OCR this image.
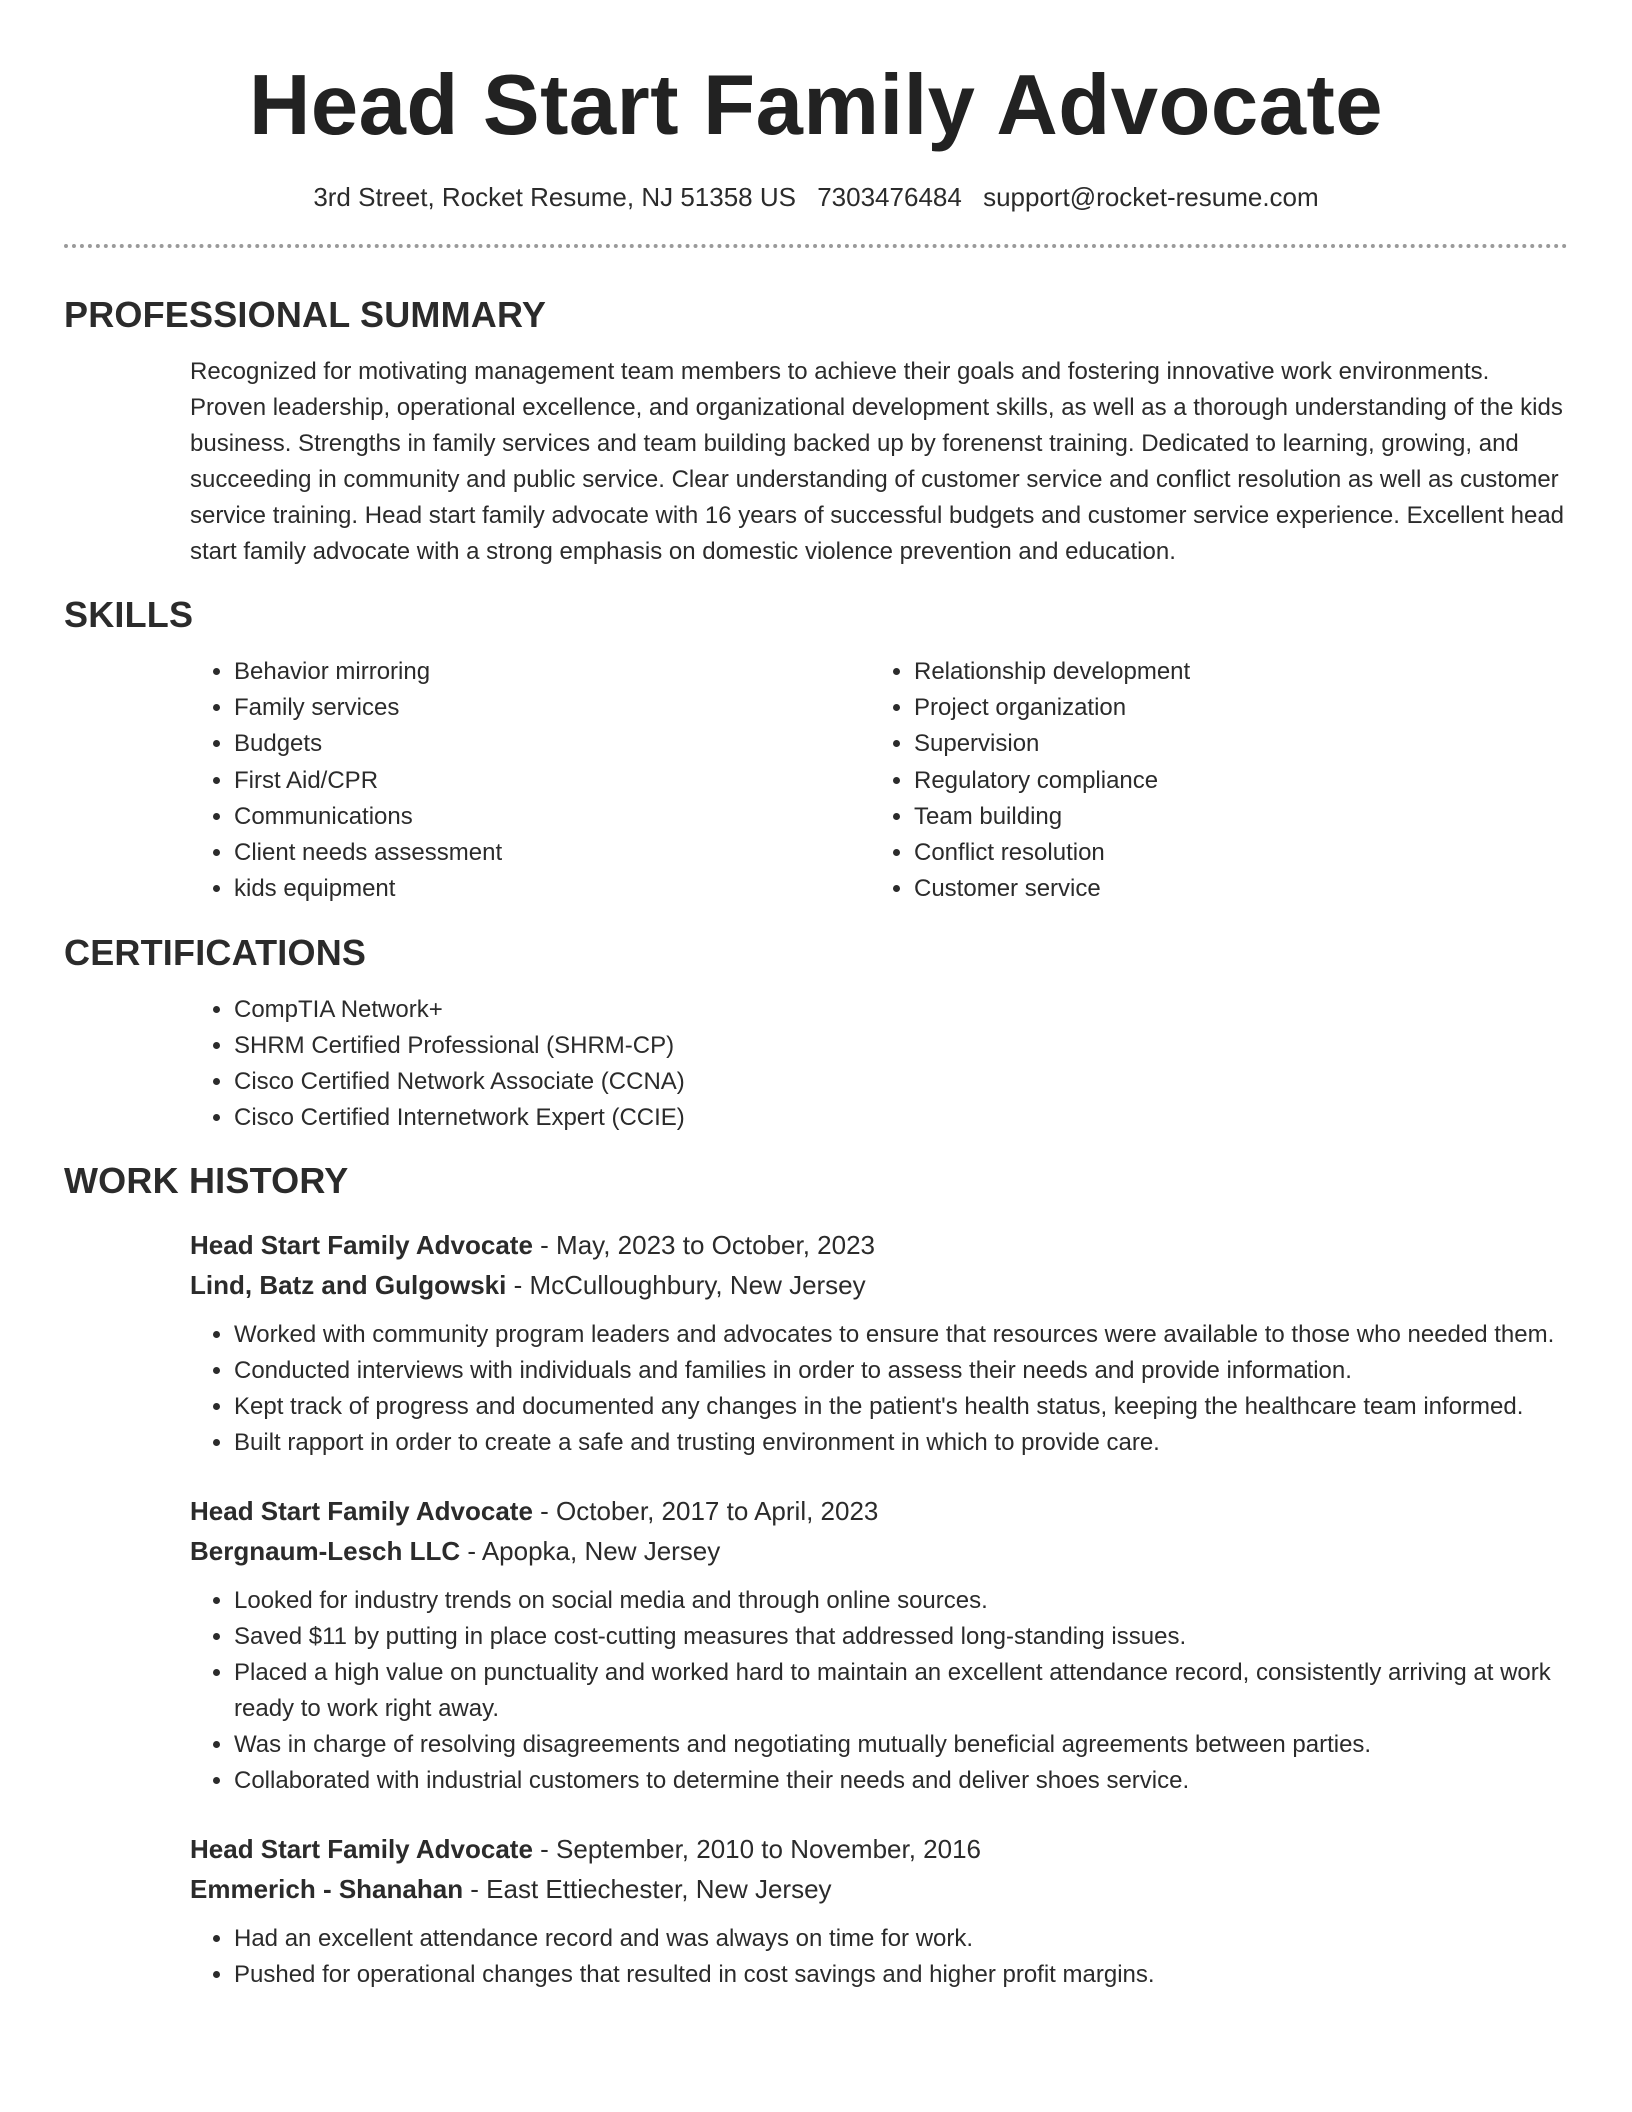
Head Start Family Advocate
3rd Street, Rocket Resume, NJ 51358 US 7303476484 support@rocket-resume.com
PROFESSIONAL SUMMARY
Recognized for motivating management team members to achieve their goals and fostering innovative work environments. Proven leadership, operational excellence, and organizational development skills, as well as a thorough understanding of the kids business. Strengths in family services and team building backed up by forenenst training. Dedicated to learning, growing, and succeeding in community and public service. Clear understanding of customer service and conflict resolution as well as customer service training. Head start family advocate with 16 years of successful budgets and customer service experience. Excellent head start family advocate with a strong emphasis on domestic violence prevention and education.
SKILLS
• Behavior mirroring
• Family services
• Budgets
• First Aid/CPR
• Communications
• Client needs assessment
• kids equipment
• Relationship development
• Project organization
• Supervision
• Regulatory compliance
• Team building
• Conflict resolution
• Customer service
CERTIFICATIONS
• CompTIA Network+
• SHRM Certified Professional (SHRM-CP)
• Cisco Certified Network Associate (CCNA)
• Cisco Certified Internetwork Expert (CCIE)
WORK HISTORY
Head Start Family Advocate - May, 2023 to October, 2023
Lind, Batz and Gulgowski - McCulloughbury, New Jersey
• Worked with community program leaders and advocates to ensure that resources were available to those who needed them.
• Conducted interviews with individuals and families in order to assess their needs and provide information.
• Kept track of progress and documented any changes in the patient's health status, keeping the healthcare team informed.
• Built rapport in order to create a safe and trusting environment in which to provide care.
Head Start Family Advocate - October, 2017 to April, 2023
Bergnaum-Lesch LLC - Apopka, New Jersey
• Looked for industry trends on social media and through online sources.
• Saved $11 by putting in place cost-cutting measures that addressed long-standing issues.
• Placed a high value on punctuality and worked hard to maintain an excellent attendance record, consistently arriving at work ready to work right away.
• Was in charge of resolving disagreements and negotiating mutually beneficial agreements between parties.
• Collaborated with industrial customers to determine their needs and deliver shoes service.
Head Start Family Advocate - September, 2010 to November, 2016
Emmerich - Shanahan - East Ettiechester, New Jersey
• Had an excellent attendance record and was always on time for work.
• Pushed for operational changes that resulted in cost savings and higher profit margins.
